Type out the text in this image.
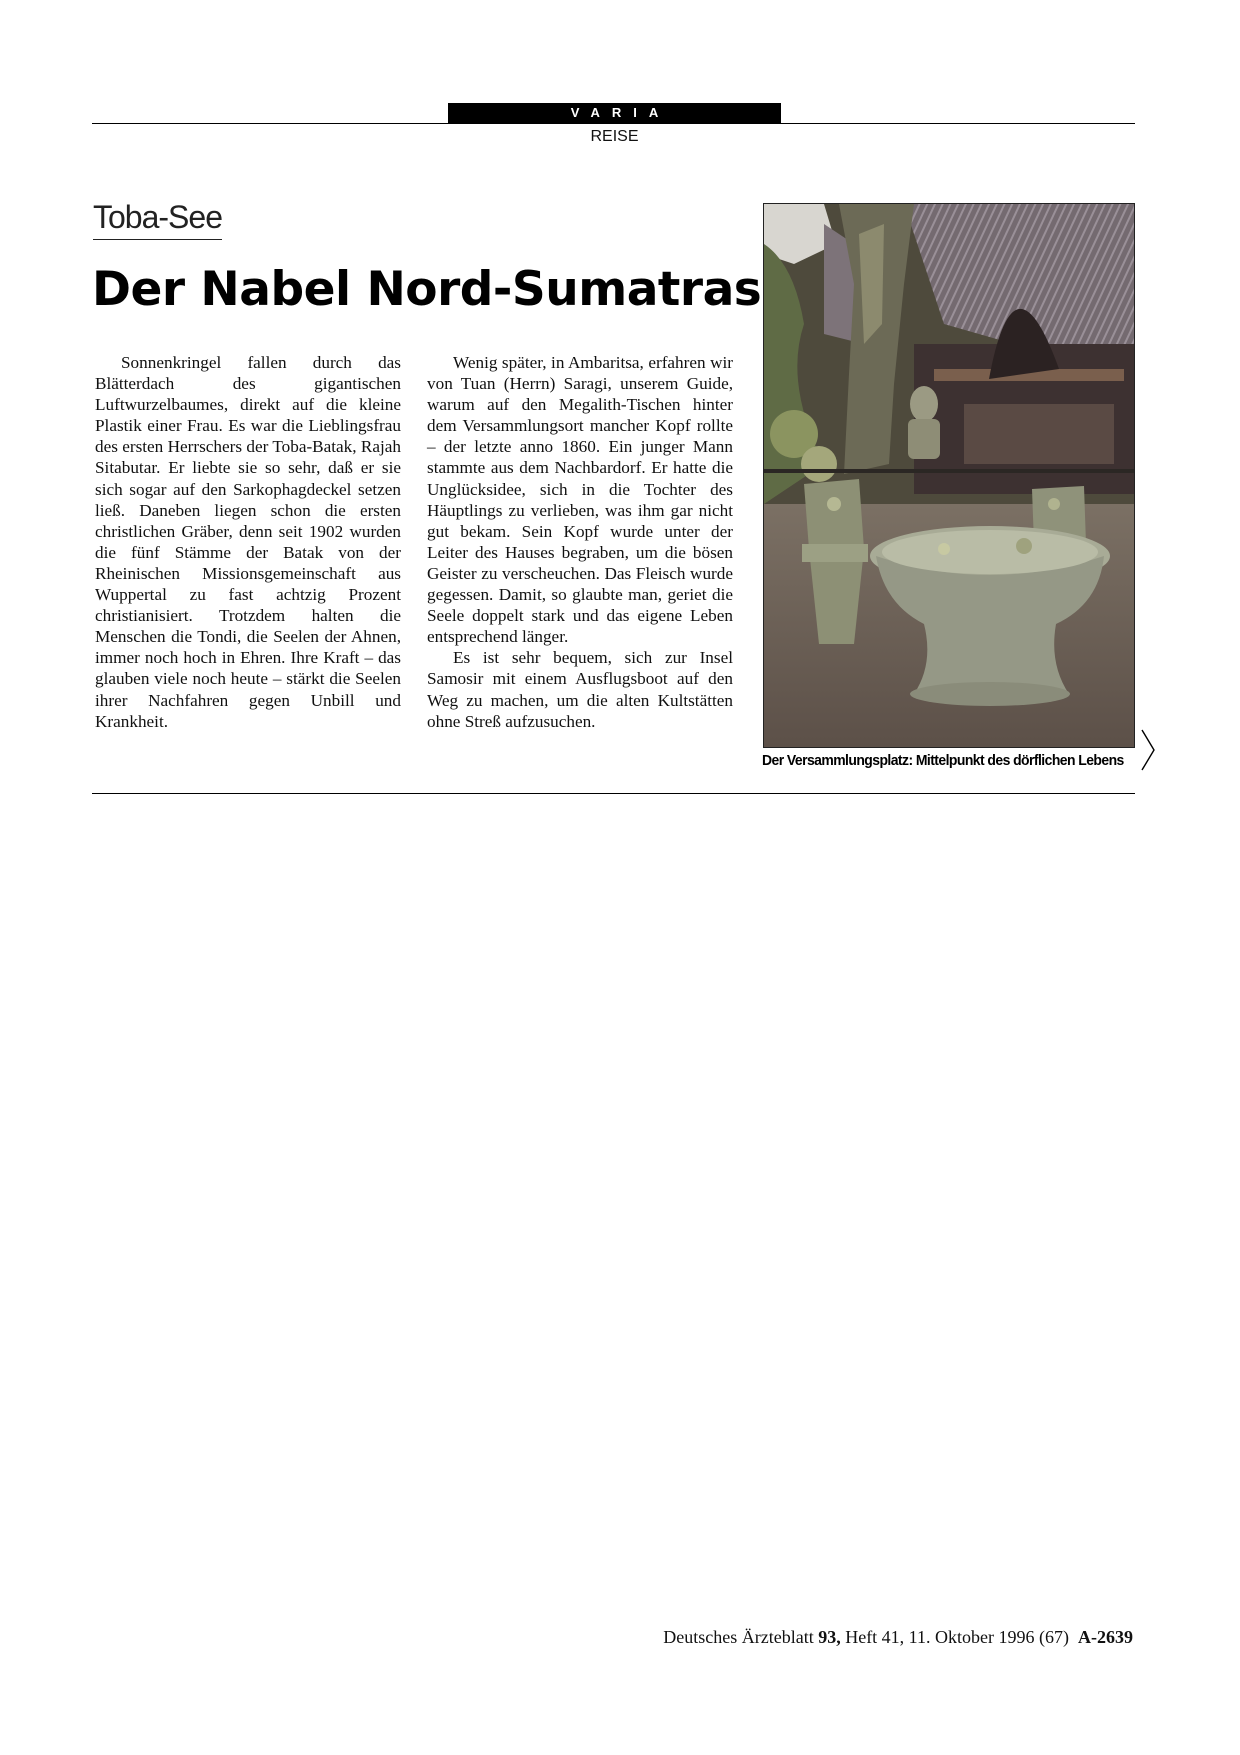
VARIA
REISE
Toba-See
Der Nabel Nord-Sumatras

Sonnenkringel fallen durch das Blätterdach des gigantischen Luftwurzelbaumes, direkt auf die kleine Plastik einer Frau. Es war die Lieblingsfrau des ersten Herrschers der Toba-Batak, Rajah Sitabutar. Er liebte sie so sehr, daß er sie sich sogar auf den Sarkophagdeckel setzen ließ. Daneben liegen schon die ersten christlichen Gräber, denn seit 1902 wurden die fünf Stämme der Batak von der Rheinischen Missionsgemeinschaft aus Wuppertal zu fast achtzig Prozent christianisiert. Trotzdem halten die Menschen die Tondi, die Seelen der Ahnen, immer noch hoch in Ehren. Ihre Kraft – das glauben viele noch heute – stärkt die Seelen ihrer Nachfahren gegen Unbill und Krankheit.

Wenig später, in Ambaritsa, erfahren wir von Tuan (Herrn) Saragi, unserem Guide, warum auf den Megalith-Tischen hinter dem Versammlungsort mancher Kopf rollte – der letzte anno 1860. Ein junger Mann stammte aus dem Nachbardorf. Er hatte die Unglücksidee, sich in die Tochter des Häuptlings zu verlieben, was ihm gar nicht gut bekam. Sein Kopf wurde unter der Leiter des Hauses begraben, um die bösen Geister zu verscheuchen. Das Fleisch wurde gegessen. Damit, so glaubte man, geriet die Seele doppelt stark und das eigene Leben entsprechend länger.

Es ist sehr bequem, sich zur Insel Samosir mit einem Ausflugsboot auf den Weg zu machen, um die alten Kultstätten ohne Streß aufzusuchen.

Der Versammlungsplatz: Mittelpunkt des dörflichen Lebens
Deutsches Ärzteblatt 93, Heft 41, 11. Oktober 1996 (67) A-2639
